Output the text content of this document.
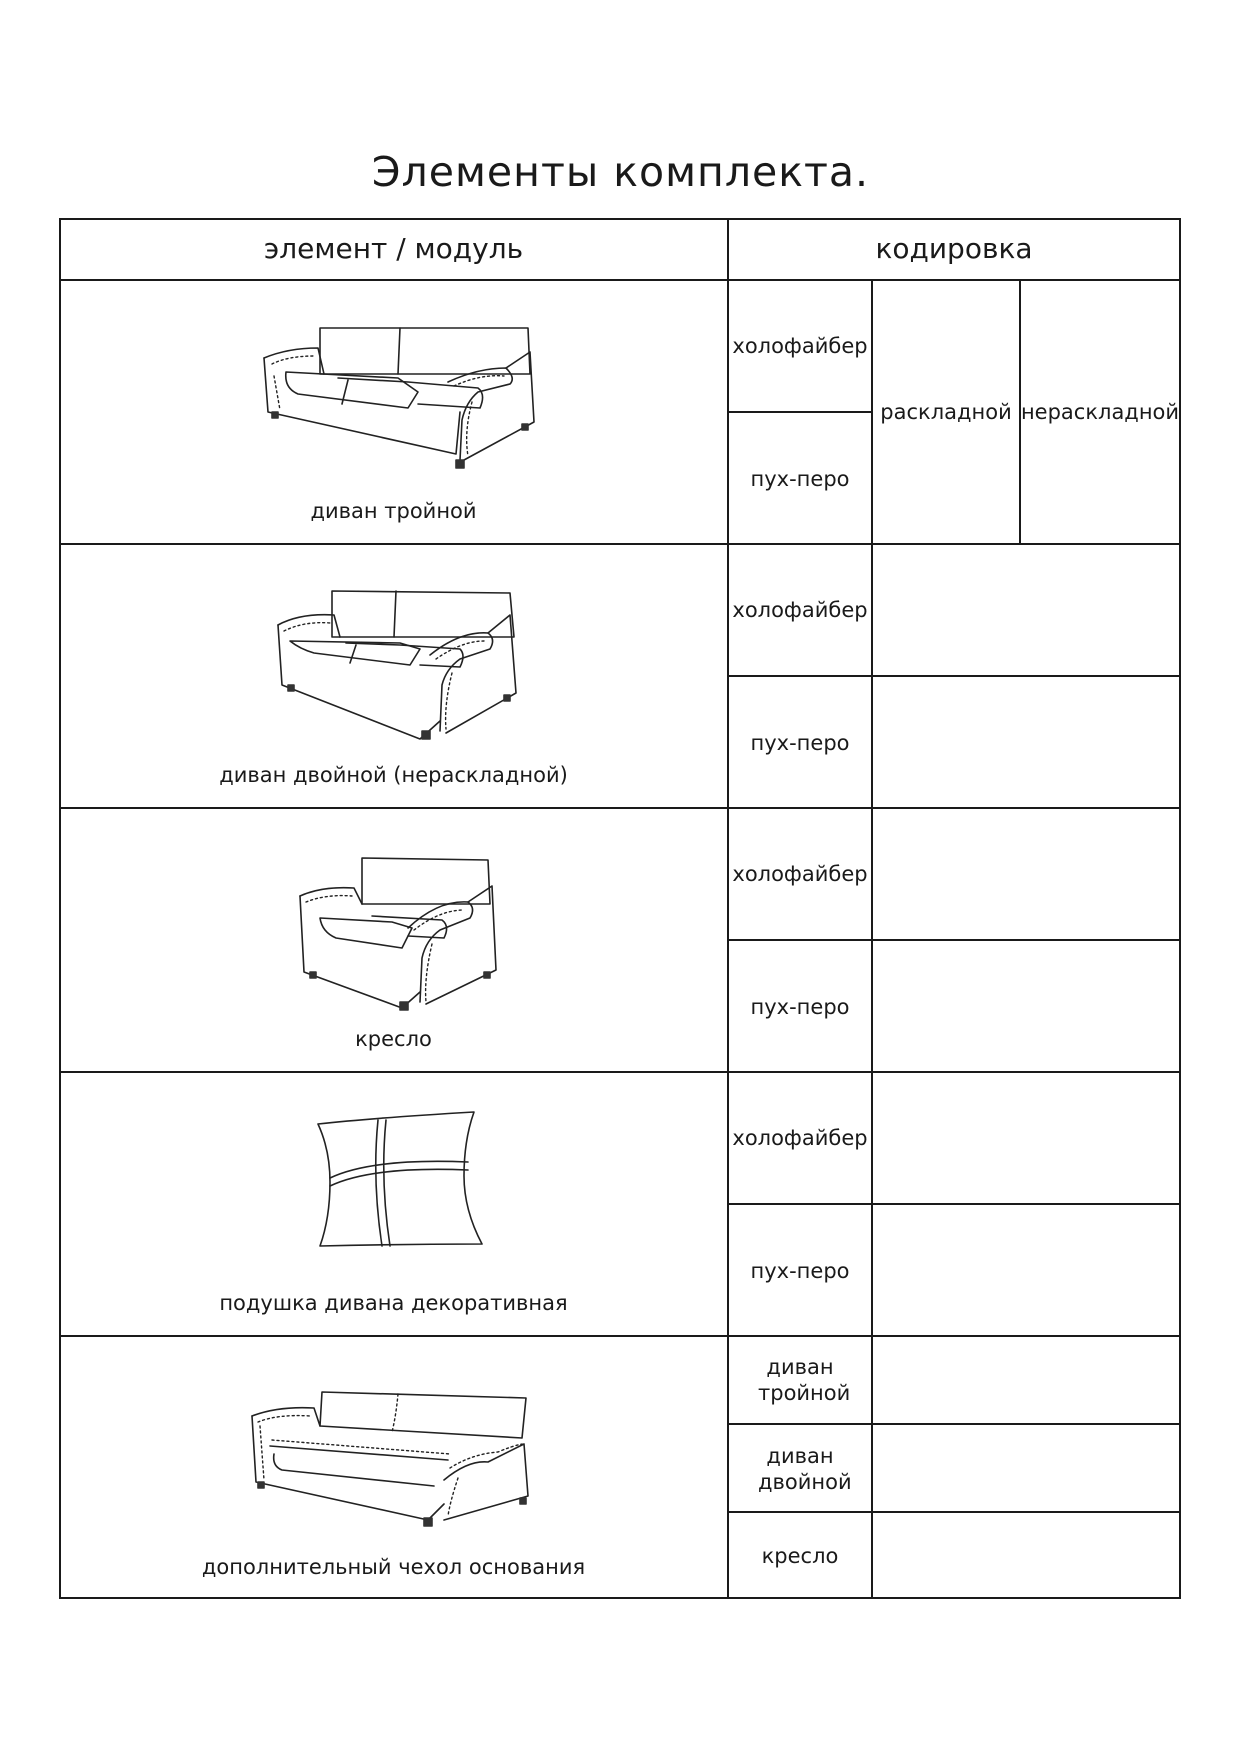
Элементы комплекта.
элемент / модуль	кодировка
диван тройной
холофайбер
пух-перо
раскладной нераскладной
диван двойной (нераскладной)
холофайбер
пух-перо
кресло
холофайбер
пух-перо
подушка дивана декоративная
холофайбер
пух-перо
дополнительный чехол основания
диван тройной
диван двойной
кресло
